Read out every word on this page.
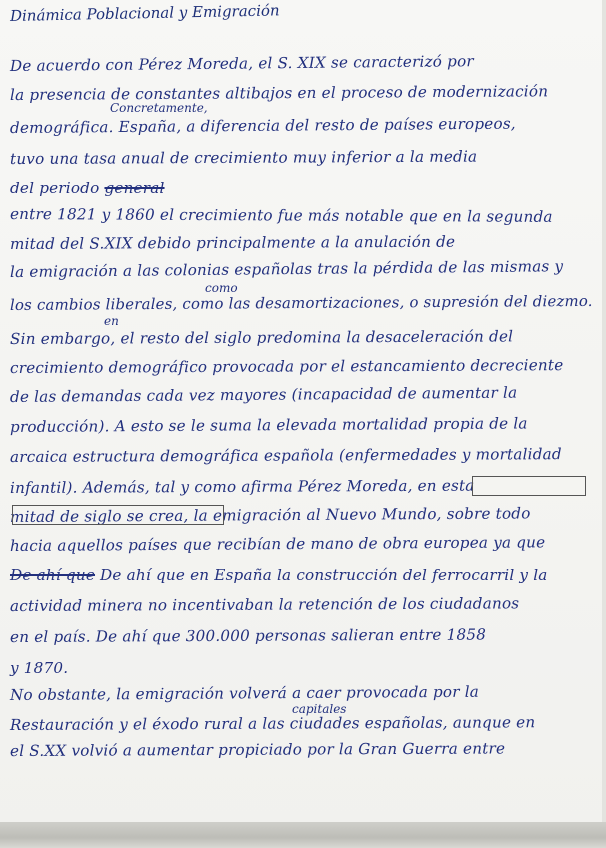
Dinámica Poblacional y Emigración
De acuerdo con Pérez Moreda, el S. XIX se caracterizó por
la presencia de constantes altibajos en el proceso de modernización
Concretamente,
demográfica. España, a diferencia del resto de países europeos,
tuvo una tasa anual de crecimiento muy inferior a la media
del periodo general
entre 1821 y 1860 el crecimiento fue más notable que en la segunda
mitad del S.XIX debido principalmente a la anulación de
la emigración a las colonias españolas tras la pérdida de las mismas y
como
los cambios liberales, como las desamortizaciones, o supresión del diezmo.
en
Sin embargo, el resto del siglo predomina la desaceleración del
crecimiento demográfico provocada por el estancamiento decreciente
de las demandas cada vez mayores (incapacidad de aumentar la
producción). A esto se le suma la elevada mortalidad propia de la
arcaica estructura demográfica española (enfermedades y mortalidad
infantil). Además, tal y como afirma Pérez Moreda, en esta
mitad de siglo se crea, la emigración al Nuevo Mundo, sobre todo
hacia aquellos países que recibían de mano de obra europea ya que
De ahí que De ahí que en España la construcción del ferrocarril y la
actividad minera no incentivaban la retención de los ciudadanos
en el país. De ahí que 300.000 personas salieran entre 1858
y 1870.
No obstante, la emigración volverá a caer provocada por la
capitales
Restauración y el éxodo rural a las ciudades españolas, aunque en
el S.XX volvió a aumentar propiciado por la Gran Guerra entre
